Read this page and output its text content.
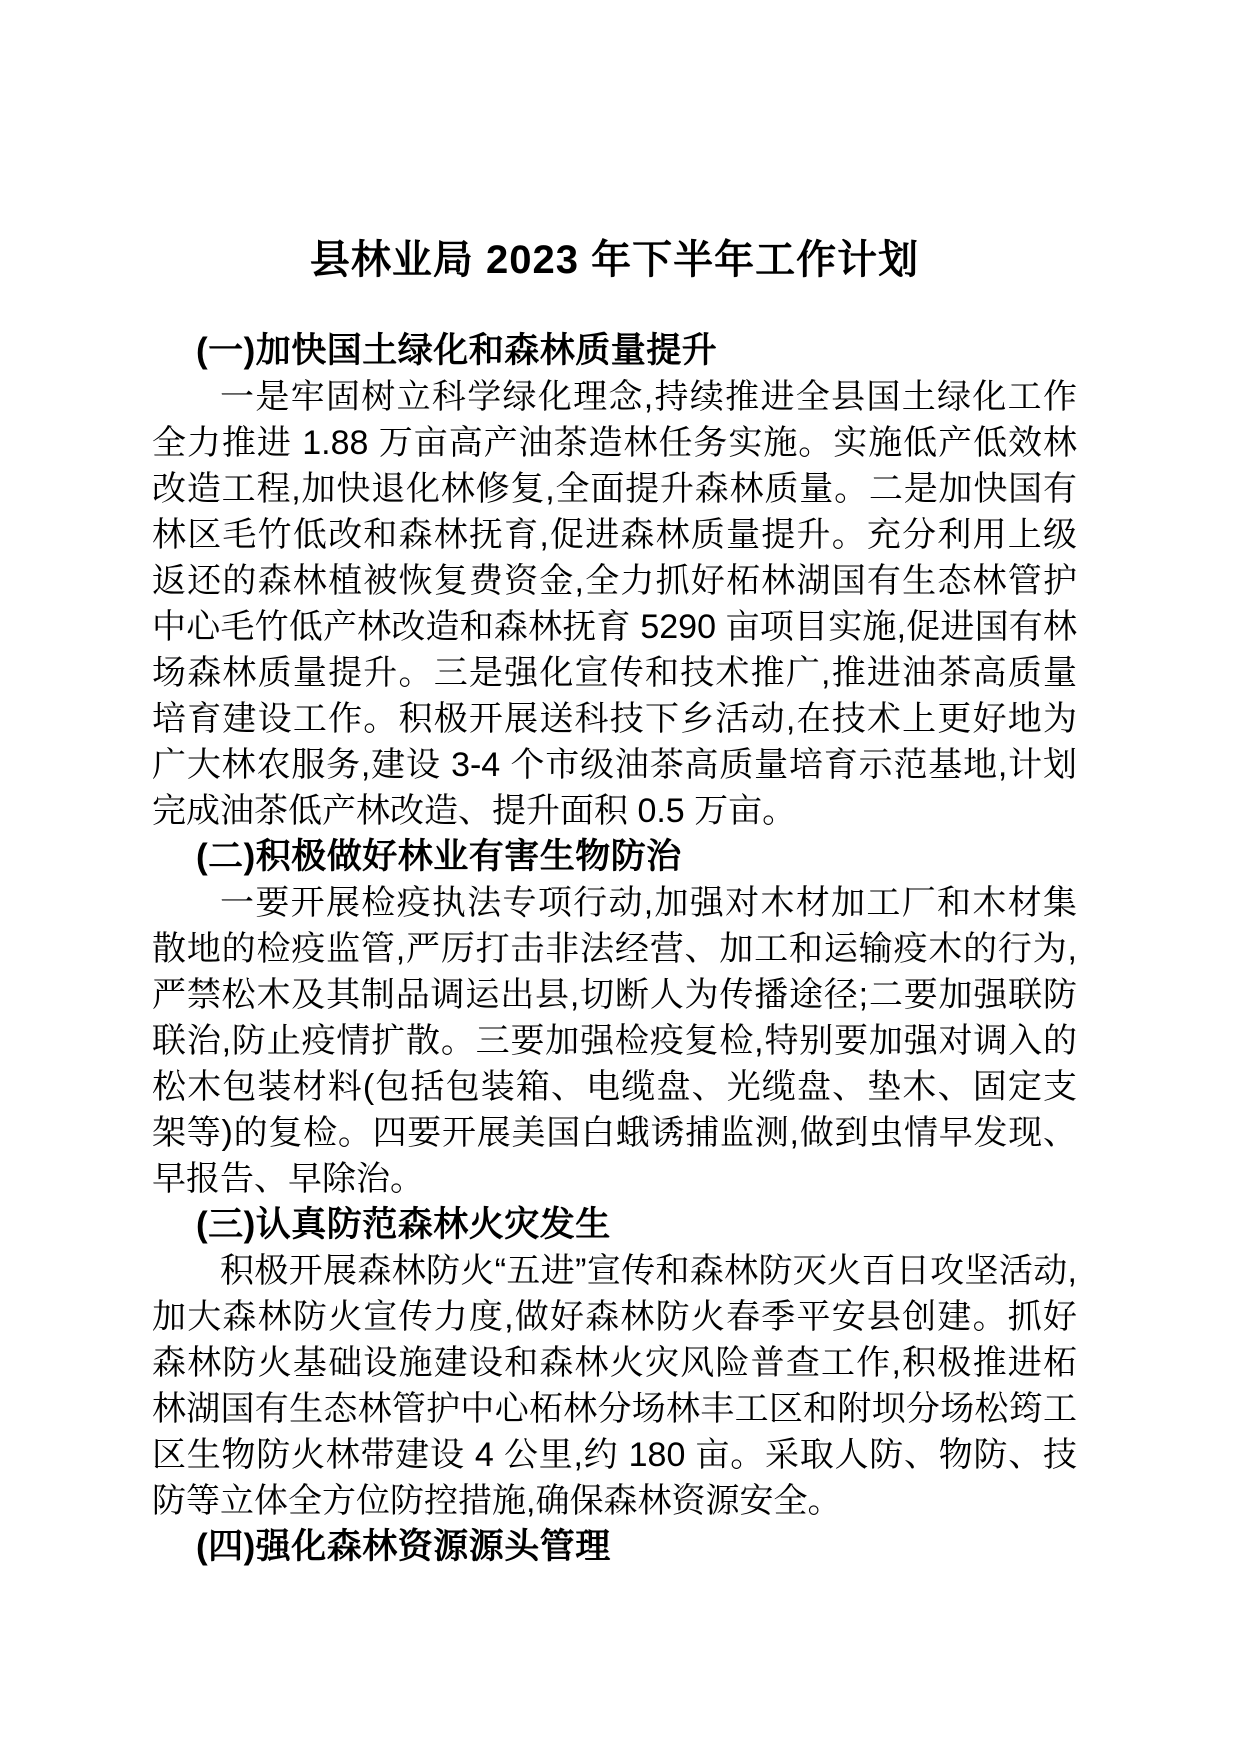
县林业局 2023 年下半年工作计划
(一)加快国土绿化和森林质量提升

一是牢固树立科学绿化理念,持续推进全县国土绿化工作全力推进 1.88 万亩高产油茶造林任务实施。实施低产低效林改造工程,加快退化林修复,全面提升森林质量。二是加快国有林区毛竹低改和森林抚育,促进森林质量提升。充分利用上级返还的森林植被恢复费资金,全力抓好柘林湖国有生态林管护中心毛竹低产林改造和森林抚育 5290 亩项目实施,促进国有林场森林质量提升。三是强化宣传和技术推广,推进油茶高质量培育建设工作。积极开展送科技下乡活动,在技术上更好地为广大林农服务,建设 3-4 个市级油茶高质量培育示范基地,计划完成油茶低产林改造、提升面积 0.5 万亩。

(二)积极做好林业有害生物防治

一要开展检疫执法专项行动,加强对木材加工厂和木材集散地的检疫监管,严厉打击非法经营、加工和运输疫木的行为,严禁松木及其制品调运出县,切断人为传播途径;二要加强联防联治,防止疫情扩散。三要加强检疫复检,特别要加强对调入的松木包装材料(包括包装箱、电缆盘、光缆盘、垫木、固定支架等)的复检。四要开展美国白蛾诱捕监测,做到虫情早发现、早报告、早除治。

(三)认真防范森林火灾发生

积极开展森林防火“五进”宣传和森林防灭火百日攻坚活动,加大森林防火宣传力度,做好森林防火春季平安县创建。抓好森林防火基础设施建设和森林火灾风险普查工作,积极推进柘林湖国有生态林管护中心柘林分场林丰工区和附坝分场松筠工区生物防火林带建设 4 公里,约 180 亩。采取人防、物防、技防等立体全方位防控措施,确保森林资源安全。

(四)强化森林资源源头管理
